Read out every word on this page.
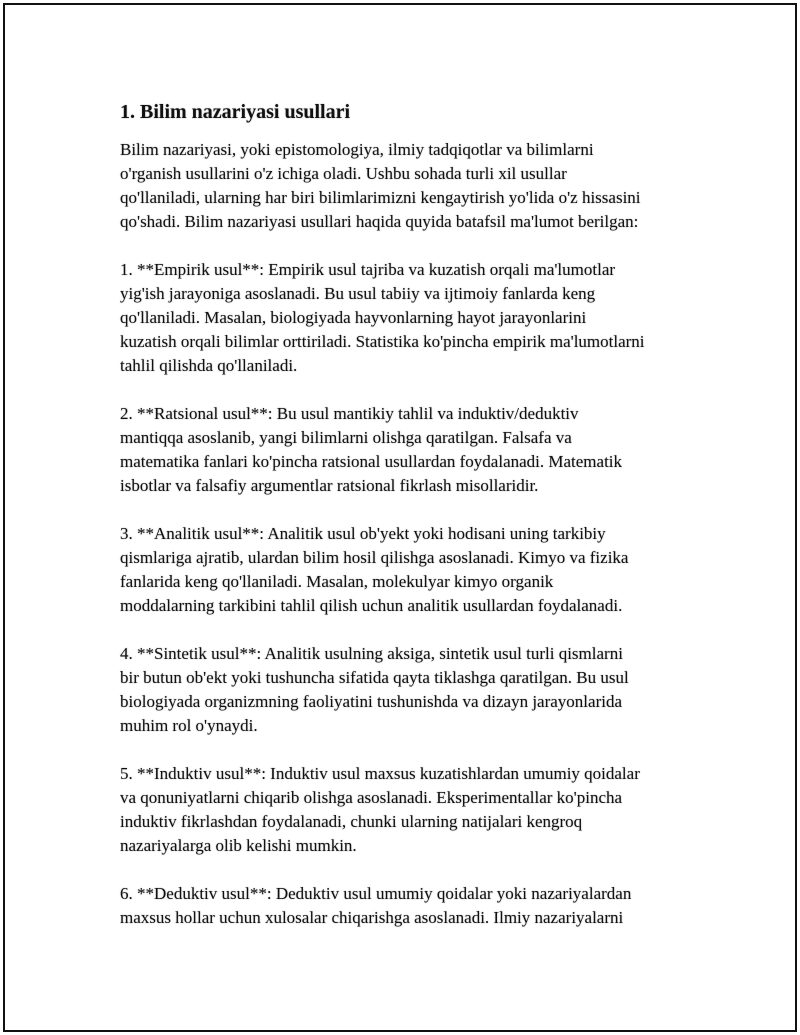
1. Bilim nazariyasi usullari

Bilim nazariyasi, yoki epistomologiya, ilmiy tadqiqotlar va bilimlarni
o'rganish usullarini o'z ichiga oladi. Ushbu sohada turli xil usullar
qo'llaniladi, ularning har biri bilimlarimizni kengaytirish yo'lida o'z hissasini
qo'shadi. Bilim nazariyasi usullari haqida quyida batafsil ma'lumot berilgan:

1. **Empirik usul**: Empirik usul tajriba va kuzatish orqali ma'lumotlar
yig'ish jarayoniga asoslanadi. Bu usul tabiiy va ijtimoiy fanlarda keng
qo'llaniladi. Masalan, biologiyada hayvonlarning hayot jarayonlarini
kuzatish orqali bilimlar orttiriladi. Statistika ko'pincha empirik ma'lumotlarni
tahlil qilishda qo'llaniladi.

2. **Ratsional usul**: Bu usul mantikiy tahlil va induktiv/deduktiv
mantiqqa asoslanib, yangi bilimlarni olishga qaratilgan. Falsafa va
matematika fanlari ko'pincha ratsional usullardan foydalanadi. Matematik
isbotlar va falsafiy argumentlar ratsional fikrlash misollaridir.

3. **Analitik usul**: Analitik usul ob'yekt yoki hodisani uning tarkibiy
qismlariga ajratib, ulardan bilim hosil qilishga asoslanadi. Kimyo va fizika
fanlarida keng qo'llaniladi. Masalan, molekulyar kimyo organik
moddalarning tarkibini tahlil qilish uchun analitik usullardan foydalanadi.

4. **Sintetik usul**: Analitik usulning aksiga, sintetik usul turli qismlarni
bir butun ob'ekt yoki tushuncha sifatida qayta tiklashga qaratilgan. Bu usul
biologiyada organizmning faoliyatini tushunishda va dizayn jarayonlarida
muhim rol o'ynaydi.

5. **Induktiv usul**: Induktiv usul maxsus kuzatishlardan umumiy qoidalar
va qonuniyatlarni chiqarib olishga asoslanadi. Eksperimentallar ko'pincha
induktiv fikrlashdan foydalanadi, chunki ularning natijalari kengroq
nazariyalarga olib kelishi mumkin.

6. **Deduktiv usul**: Deduktiv usul umumiy qoidalar yoki nazariyalardan
maxsus hollar uchun xulosalar chiqarishga asoslanadi. Ilmiy nazariyalarni
